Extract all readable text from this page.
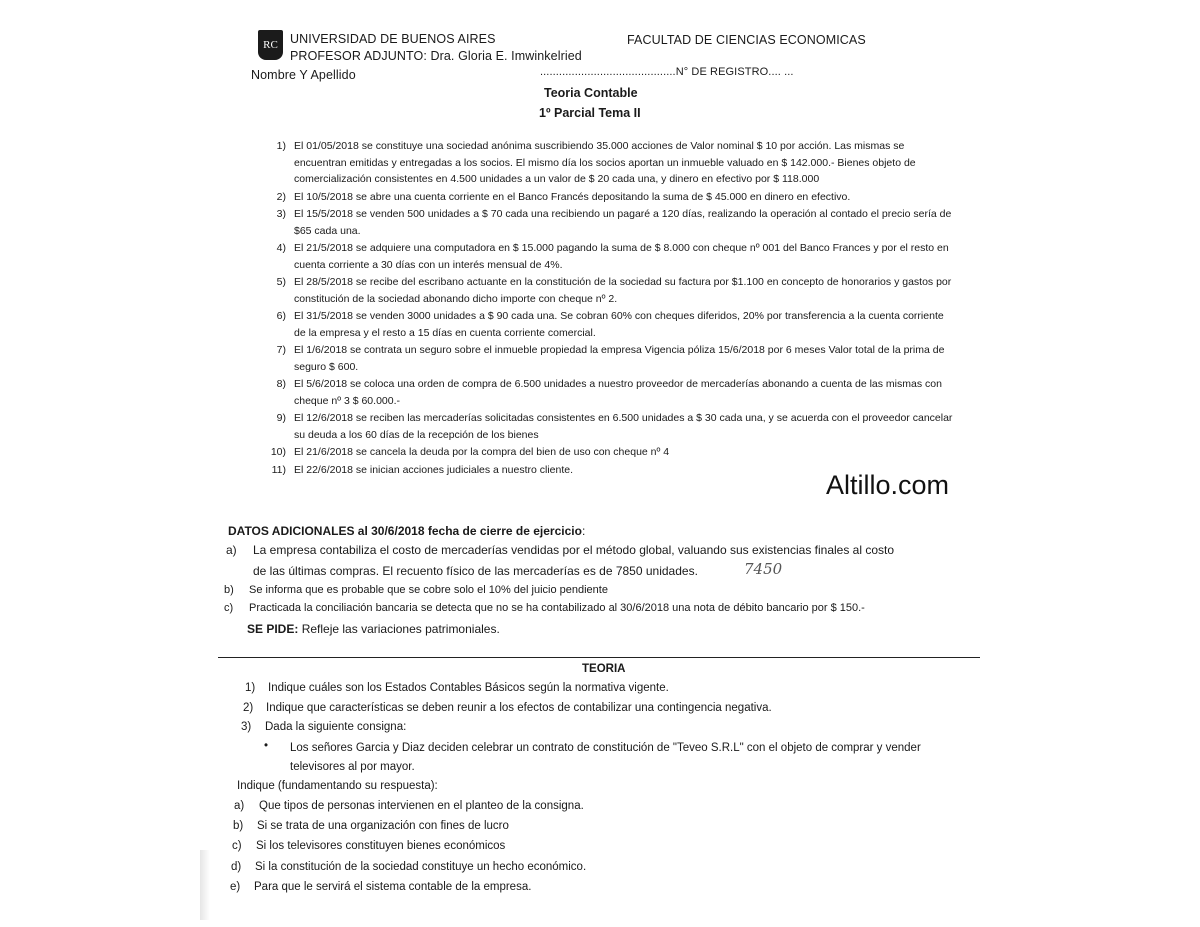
RC UNIVERSIDAD DE BUENOS AIRES	FACULTAD DE CIENCIAS ECONOMICAS
PROFESOR ADJUNTO: Dra. Gloria E. Imwinkelried
Nombre Y Apellido	...........................................N° DE REGISTRO.... ...
Teoria Contable
1º Parcial Tema II
1) El 01/05/2018 se constituye una sociedad anónima suscribiendo 35.000 acciones de Valor nominal $ 10 por acción. Las mismas se encuentran emitidas y entregadas a los socios. El mismo día los socios aportan un inmueble valuado en $ 142.000.- Bienes objeto de comercialización consistentes en 4.500 unidades a un valor de $ 20 cada una, y dinero en efectivo por $ 118.000
2) El 10/5/2018 se abre una cuenta corriente en el Banco Francés depositando la suma de $ 45.000 en dinero en efectivo.
3) El 15/5/2018 se venden 500 unidades a $ 70 cada una recibiendo un pagaré a 120 días, realizando la operación al contado el precio sería de $65 cada una.
4) El 21/5/2018 se adquiere una computadora en $ 15.000 pagando la suma de $ 8.000 con cheque nº 001 del Banco Frances y por el resto en cuenta corriente a 30 días con un interés mensual de 4%.
5) El 28/5/2018 se recibe del escribano actuante en la constitución de la sociedad su factura por $1.100 en concepto de honorarios y gastos por constitución de la sociedad abonando dicho importe con cheque nº 2.
6) El 31/5/2018 se venden 3000 unidades a $ 90 cada una. Se cobran 60% con cheques diferidos, 20% por transferencia a la cuenta corriente de la empresa y el resto a 15 días en cuenta corriente comercial.
7) El 1/6/2018 se contrata un seguro sobre el inmueble propiedad la empresa Vigencia póliza 15/6/2018 por 6 meses Valor total de la prima de seguro $ 600.
8) El 5/6/2018 se coloca una orden de compra de 6.500 unidades a nuestro proveedor de mercaderías abonando a cuenta de las mismas con cheque nº 3 $ 60.000.-
9) El 12/6/2018 se reciben las mercaderías solicitadas consistentes en 6.500 unidades a $ 30 cada una, y se acuerda con el proveedor cancelar su deuda a los 60 días de la recepción de los bienes
10) El 21/6/2018 se cancela la deuda por la compra del bien de uso con cheque nº 4
11) El 22/6/2018 se inician acciones judiciales a nuestro cliente.
Altillo.com
DATOS ADICIONALES al 30/6/2018 fecha de cierre de ejercicio:
a) La empresa contabiliza el costo de mercaderías vendidas por el método global, valuando sus existencias finales al costo
de las últimas compras. El recuento físico de las mercaderías es de 7850 unidades.	7450
b) Se informa que es probable que se cobre solo el 10% del juicio pendiente
c) Practicada la conciliación bancaria se detecta que no se ha contabilizado al 30/6/2018 una nota de débito bancario por $ 150.-
SE PIDE: Refleje las variaciones patrimoniales.
TEORIA
1) Indique cuáles son los Estados Contables Básicos según la normativa vigente.
2) Indique que características se deben reunir a los efectos de contabilizar una contingencia negativa.
3) Dada la siguiente consigna:
• Los señores Garcia y Diaz deciden celebrar un contrato de constitución de "Teveo S.R.L" con el objeto de comprar y vender
televisores al por mayor.
Indique (fundamentando su respuesta):
a) Que tipos de personas intervienen en el planteo de la consigna.
b) Si se trata de una organización con fines de lucro
c) Si los televisores constituyen bienes económicos
d) Si la constitución de la sociedad constituye un hecho económico.
e) Para que le servirá el sistema contable de la empresa.
